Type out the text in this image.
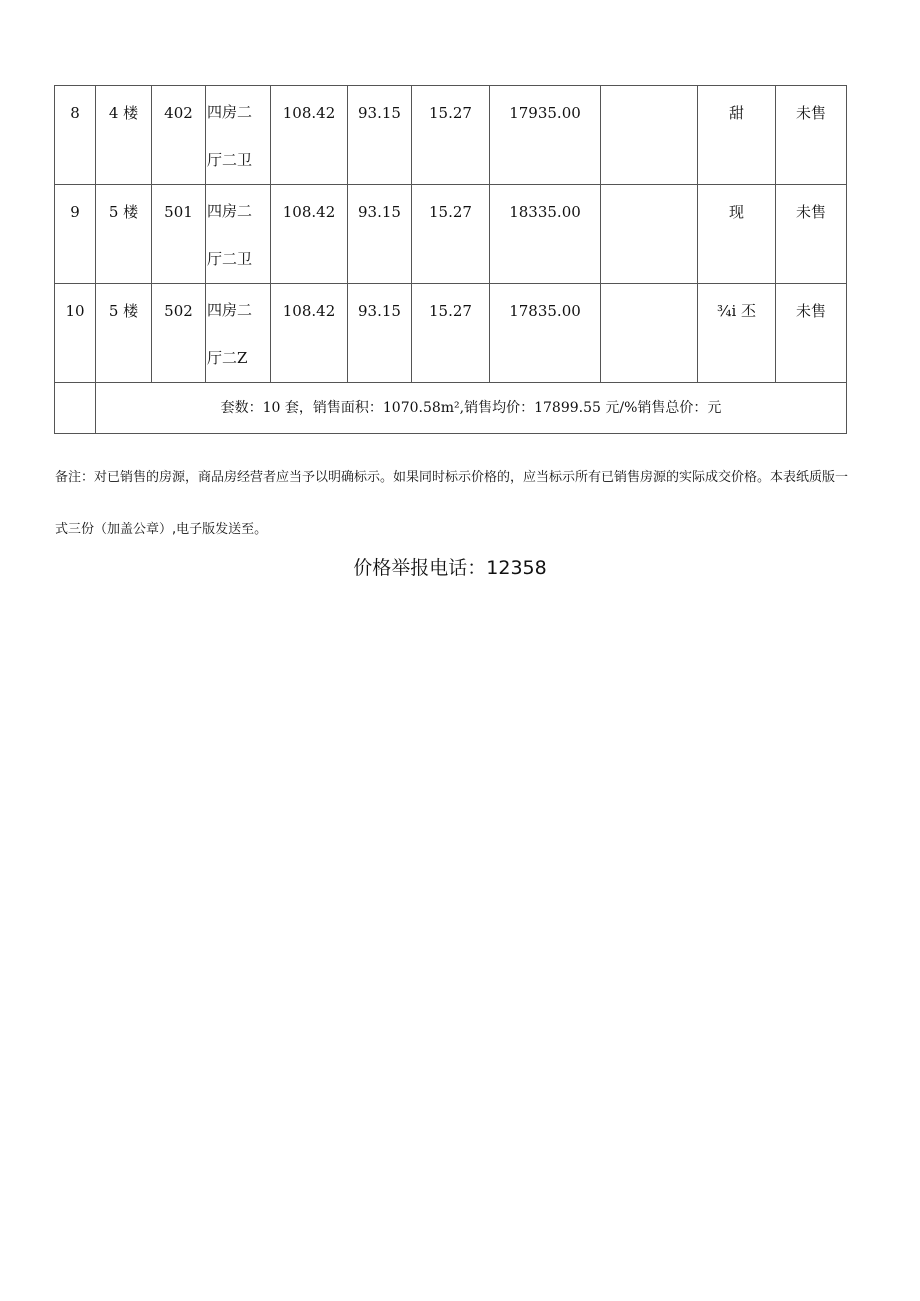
8	4 楼	402	四房二
厅二卫	108.42	93.15	15.27	17935.00		甜	未售

9	5 楼	501	四房二
厅二卫	108.42	93.15	15.27	18335.00		现	未售

10	5 楼	502	四房二
厅二Z	108.42	93.15	15.27	17835.00		¾i 丕	未售

	套数：10 套，销售面积：1070.58m²,销售均价：17899.55 元/%销售总价：元									
备注：对已销售的房源，商品房经营者应当予以明确标示。如果同时标示价格的，应当标示所有已销售房源的实际成交价格。本表纸质版一式三份（加盖公章）,电子版发送至。
价格举报电话：12358
